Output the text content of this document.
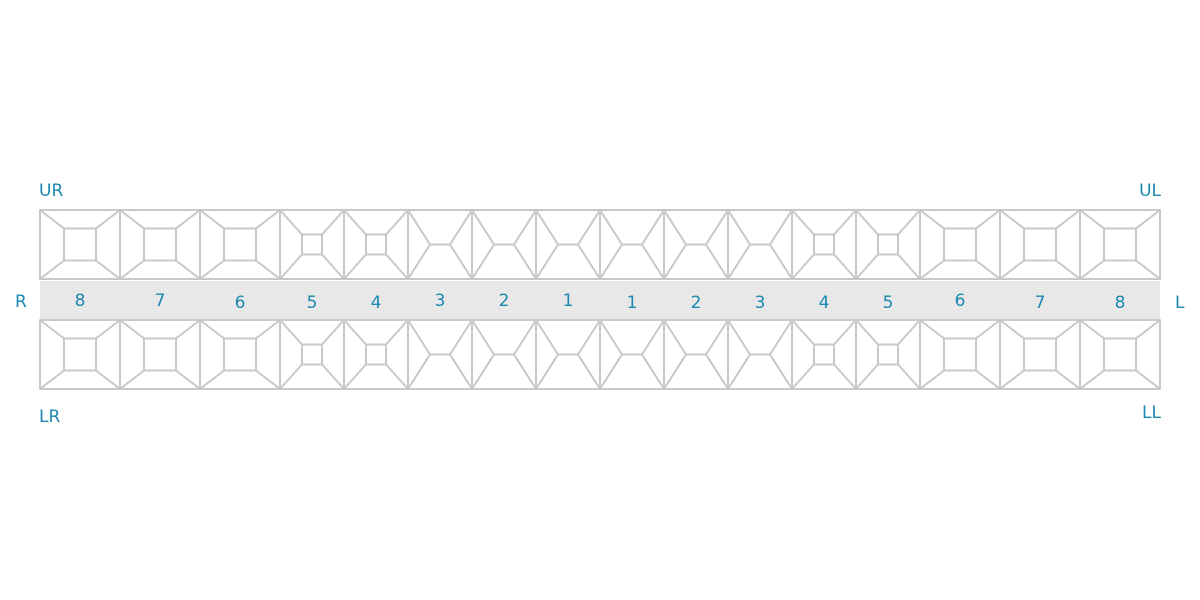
8	7	6	5	4	3	2	1	1	2	3	4	5	6	7	8
UR	UL
LR	LL
R	L
